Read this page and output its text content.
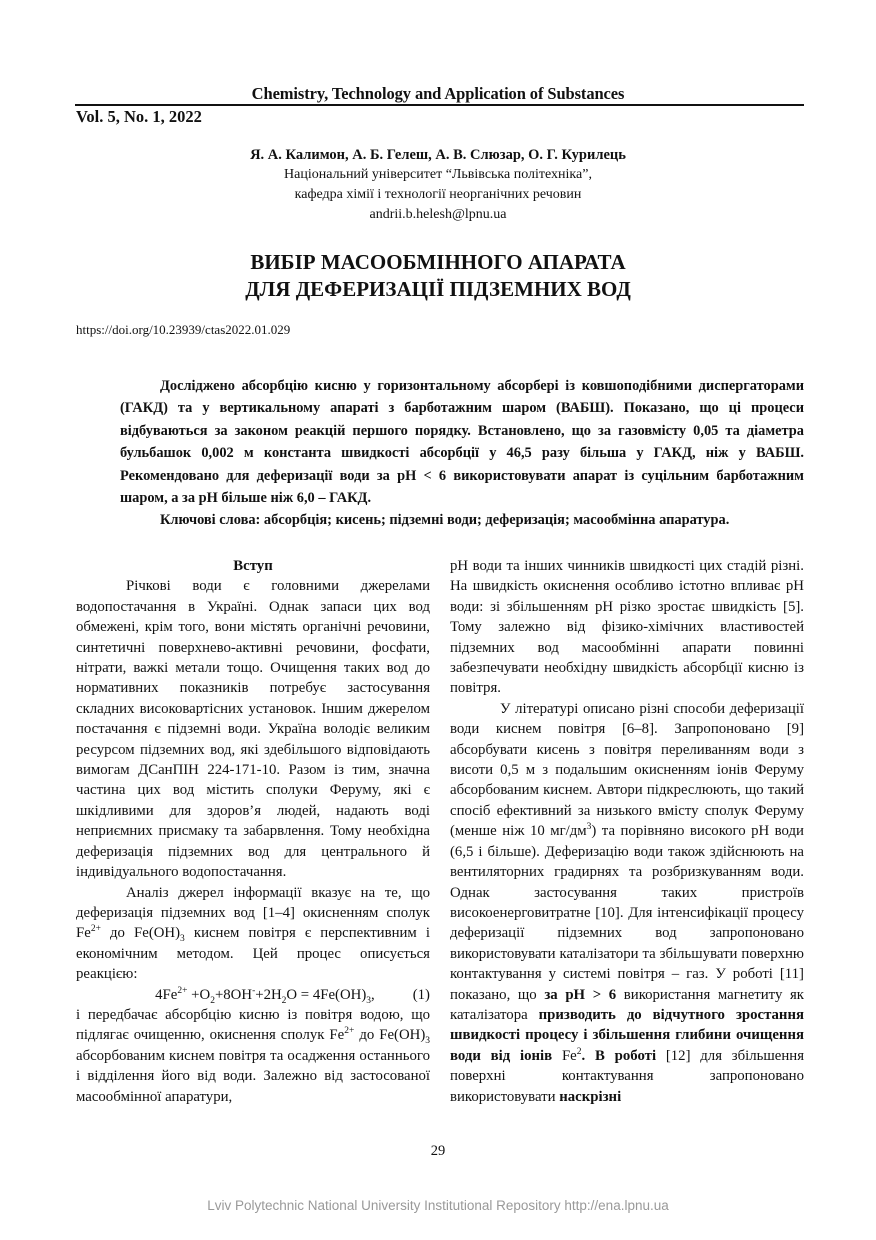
Chemistry, Technology and Application of Substances
Vol. 5, No. 1, 2022
Я. А. Калимон, А. Б. Гелеш, А. В. Слюзар, О. Г. Курилець
Національний університет “Львівська політехніка”,
кафедра хімії і технології неорганічних речовин
andrii.b.helesh@lpnu.ua
ВИБІР МАСООБМІННОГО АПАРАТА
ДЛЯ ДЕФЕРИЗАЦІЇ ПІДЗЕМНИХ ВОД
https://doi.org/10.23939/ctas2022.01.029

Досліджено абсорбцію кисню у горизонтальному абсорбері із ковшоподібними диспергаторами (ГАКД) та у вертикальному апараті з барботажним шаром (ВАБШ). Показано, що ці процеси відбуваються за законом реакцій першого порядку. Встановлено, що за газовмісту 0,05 та діаметра бульбашок 0,002 м константа швидкості абсорбції у 46,5 разу більша у ГАКД, ніж у ВАБШ. Рекомендовано для деферизації води за pH < 6 використовувати апарат із суцільним барботажним шаром, а за pH більше ніж 6,0 – ГАКД.

Ключові слова: абсорбція; кисень; підземні води; деферизація; масообмінна апаратура.

Вступ

Річкові води є головними джерелами водопостачання в Україні. Однак запаси цих вод обмежені, крім того, вони містять органічні речовини, синтетичні поверхнево-активні речовини, фосфати, нітрати, важкі метали тощо. Очищення таких вод до нормативних показників потребує застосування складних високовартісних установок. Іншим джерелом постачання є підземні води. Україна володіє великим ресурсом підземних вод, які здебільшого відповідають вимогам ДСанПІН 224-171-10. Разом із тим, значна частина цих вод містить сполуки Феруму, які є шкідливими для здоров’я людей, надають воді неприємних присмаку та забарвлення. Тому необхідна деферизація підземних вод для центрального й індивідуального водопостачання.

Аналіз джерел інформації вказує на те, що деферизація підземних вод [1–4] окисненням сполук $Fe^{2+}$ до $Fe(OH)_3$ киснем повітря є перспективним і економічним методом. Цей процес описується реакцією:

$4Fe^{2+} +O_2+8OH^-+2H_2O = 4Fe(OH)_3$,	(1)

і передбачає абсорбцію кисню із повітря водою, що підлягає очищенню, окиснення сполук $Fe^{2+}$ до $Fe(OH)_3$ абсорбованим киснем повітря та осадження останнього і відділення його від води. Залежно від застосованої масообмінної апаратури,

pH води та інших чинників швидкості цих стадій різні. На швидкість окиснення особливо істотно впливає pH води: зі збільшенням pH різко зростає швидкість [5]. Тому залежно від фізико-хімічних властивостей підземних вод масообмінні апарати повинні забезпечувати необхідну швидкість абсорбції кисню із повітря.

У літературі описано різні способи деферизації води киснем повітря [6–8]. Запропоновано [9] абсорбувати кисень з повітря переливанням води з висоти 0,5 м з подальшим окисненням іонів Феруму абсорбованим киснем. Автори підкреслюють, що такий спосіб ефективний за низького вмісту сполук Феруму (менше ніж 10 $мг/дм^3$) та порівняно високого pH води (6,5 і більше). Деферизацію води також здійснюють на вентиляторних градирнях та розбризкуванням води. Однак застосування таких пристроїв високоенерговитратне [10]. Для інтенсифікації процесу деферизації підземних вод запропоновано використовувати каталізатори та збільшувати поверхню контактування у системі повітря – газ. У роботі [11] показано, що за pH > 6 використання магнетиту як каталізатора призводить до відчутного зростання швидкості процесу і збільшення глибини очищення води від іонів Fe$^2$. В роботі [12] для збільшення поверхні контактування запропоновано використовувати наскрізні

29
Lviv Polytechnic National University Institutional Repository http://ena.lpnu.ua
